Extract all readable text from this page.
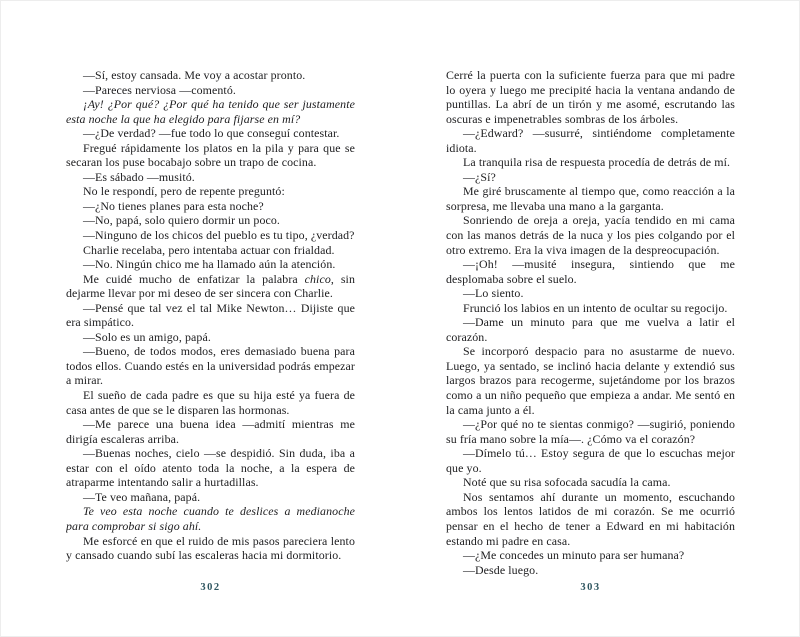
—Sí, estoy cansada. Me voy a acostar pronto.

—Pareces nerviosa —comentó.

¡Ay! ¿Por qué? ¿Por qué ha tenido que ser justamente esta noche la que ha elegido para fijarse en mí?

—¿De verdad? —fue todo lo que conseguí contestar.

Fregué rápidamente los platos en la pila y para que se secaran los puse bocabajo sobre un trapo de cocina.

—Es sábado —musitó.

No le respondí, pero de repente preguntó:

—¿No tienes planes para esta noche?

—No, papá, solo quiero dormir un poco.

—Ninguno de los chicos del pueblo es tu tipo, ¿verdad?

Charlie recelaba, pero intentaba actuar con frialdad.

—No. Ningún chico me ha llamado aún la atención.

Me cuidé mucho de enfatizar la palabra chico, sin dejarme llevar por mi deseo de ser sincera con Charlie.

—Pensé que tal vez el tal Mike Newton… Dijiste que era simpático.

—Solo es un amigo, papá.

—Bueno, de todos modos, eres demasiado buena para todos ellos. Cuando estés en la universidad podrás empezar a mirar.

El sueño de cada padre es que su hija esté ya fuera de casa antes de que se le disparen las hormonas.

—Me parece una buena idea —admití mientras me dirigía escaleras arriba.

—Buenas noches, cielo —se despidió. Sin duda, iba a estar con el oído atento toda la noche, a la espera de atraparme intentando salir a hurtadillas.

—Te veo mañana, papá.

Te veo esta noche cuando te deslices a medianoche para comprobar si sigo ahí.

Me esforcé en que el ruido de mis pasos pareciera lento y cansado cuando subí las escaleras hacia mi dormitorio.

Cerré la puerta con la suficiente fuerza para que mi padre lo oyera y luego me precipité hacia la ventana andando de puntillas. La abrí de un tirón y me asomé, escrutando las oscuras e impenetrables sombras de los árboles.

—¿Edward? —susurré, sintiéndome completamente idiota.

La tranquila risa de respuesta procedía de detrás de mí.

—¿Sí?

Me giré bruscamente al tiempo que, como reacción a la sorpresa, me llevaba una mano a la garganta.

Sonriendo de oreja a oreja, yacía tendido en mi cama con las manos detrás de la nuca y los pies colgando por el otro extremo. Era la viva imagen de la despreocupación.

—¡Oh! —musité insegura, sintiendo que me desplomaba sobre el suelo.

—Lo siento.

Frunció los labios en un intento de ocultar su regocijo.

—Dame un minuto para que me vuelva a latir el corazón.

Se incorporó despacio para no asustarme de nuevo. Luego, ya sentado, se inclinó hacia delante y extendió sus largos brazos para recogerme, sujetándome por los brazos como a un niño pequeño que empieza a andar. Me sentó en la cama junto a él.

—¿Por qué no te sientas conmigo? —sugirió, poniendo su fría mano sobre la mía—. ¿Cómo va el corazón?

—Dímelo tú… Estoy segura de que lo escuchas mejor que yo.

Noté que su risa sofocada sacudía la cama.

Nos sentamos ahí durante un momento, escuchando ambos los lentos latidos de mi corazón. Se me ocurrió pensar en el hecho de tener a Edward en mi habitación estando mi padre en casa.

—¿Me concedes un minuto para ser humana?

—Desde luego.

302	303
